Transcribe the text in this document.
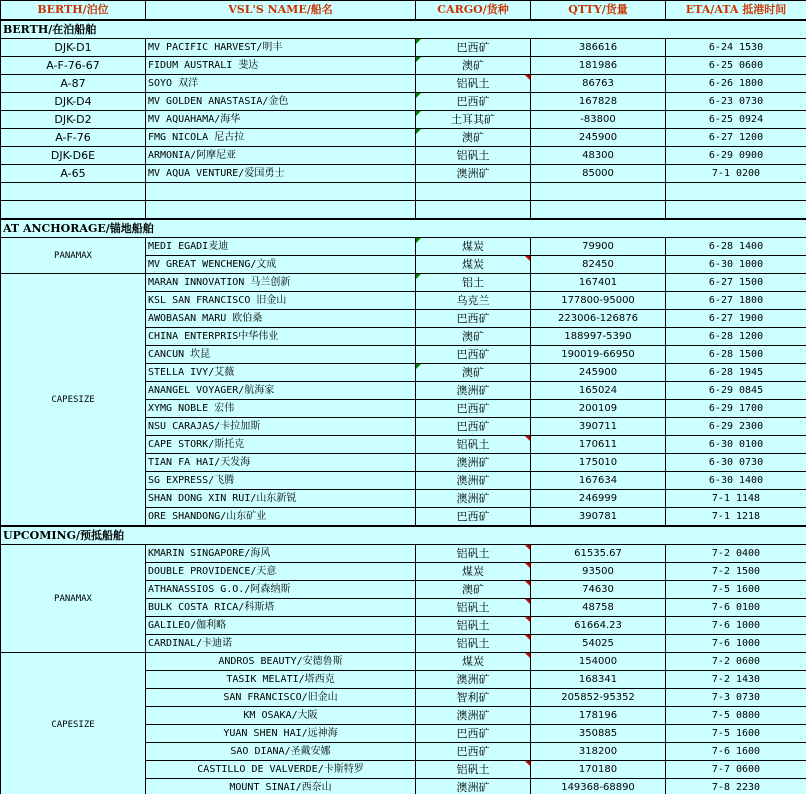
BERTH/泊位	VSL'S NAME/船名	CARGO/货种	QTTY/货量	ETA/ATA 抵港时间
BERTH/在泊船舶				
DJK-D1	MV PACIFIC HARVEST/明丰	巴西矿	386616	6-24 1530
A-F-76-67	FIDUM AUSTRALI 斐达	澳矿	181986	6-25 0600
A-87	SOYO 双洋	铝矾土	86763	6-26 1800
DJK-D4	MV GOLDEN ANASTASIA/金色	巴西矿	167828	6-23 0730
DJK-D2	MV AQUAHAMA/海华	土耳其矿	-83800	6-25 0924
A-F-76	FMG NICOLA 尼古拉	澳矿	245900	6-27 1200
DJK-D6E	ARMONIA/阿摩尼亚	铝矾土	48300	6-29 0900
A-65	MV AQUA VENTURE/爱国勇士	澳洲矿	85000	7-1 0200

AT ANCHORAGE/锚地船舶				
PANAMAX	MEDI EGADI麦迪	煤炭	79900	6-28 1400
	MV GREAT WENCHENG/文成	煤炭	82450	6-30 1000
CAPESIZE	MARAN INNOVATION 马兰创新	铝土	167401	6-27 1500
	KSL SAN FRANCISCO 旧金山	乌克兰	177800-95000	6-27 1800
	AWOBASAN MARU 欧伯桑	巴西矿	223006-126876	6-27 1900
	CHINA ENTERPRIS中华伟业	澳矿	188997-5390	6-28 1200
	CANCUN 坎昆	巴西矿	190019-66950	6-28 1500
	STELLA IVY/艾薇	澳矿	245900	6-28 1945
	ANANGEL VOYAGER/航海家	澳洲矿	165024	6-29 0845
	XYMG NOBLE 宏伟	巴西矿	200109	6-29 1700
	NSU CARAJAS/卡拉加斯	巴西矿	390711	6-29 2300
	CAPE STORK/斯托克	铝矾土	170611	6-30 0100
	TIAN FA HAI/天发海	澳洲矿	175010	6-30 0730
	SG EXPRESS/飞腾	澳洲矿	167634	6-30 1400
	SHAN DONG XIN RUI/山东新锐	澳洲矿	246999	7-1 1148
	ORE SHANDONG/山东矿业	巴西矿	390781	7-1 1218
UPCOMING/预抵船舶				
PANAMAX	KMARIN SINGAPORE/海风	铝矾土	61535.67	7-2 0400
	DOUBLE PROVIDENCE/天意	煤炭	93500	7-2 1500
	ATHANASSIOS G.O./阿森纳斯	澳矿	74630	7-5 1600
	BULK COSTA RICA/科斯塔	铝矾土	48758	7-6 0100
	GALILEO/伽利略	铝矾土	61664.23	7-6 1000
	CARDINAL/卡迪诺	铝矾土	54025	7-6 1000
CAPESIZE	ANDROS BEAUTY/安德鲁斯	煤炭	154000	7-2 0600
	TASIK MELATI/塔西克	澳洲矿	168341	7-2 1430
	SAN FRANCISCO/旧金山	智利矿	205852-95352	7-3 0730
	KM OSAKA/大阪	澳洲矿	178196	7-5 0800
	YUAN SHEN HAI/远神海	巴西矿	350885	7-5 1600
	SAO DIANA/圣戴安娜	巴西矿	318200	7-6 1600
	CASTILLO DE VALVERDE/卡斯特罗	铝矾土	170180	7-7 0600
	MOUNT SINAI/西奈山	澳洲矿	149368-68890	7-8 2230
